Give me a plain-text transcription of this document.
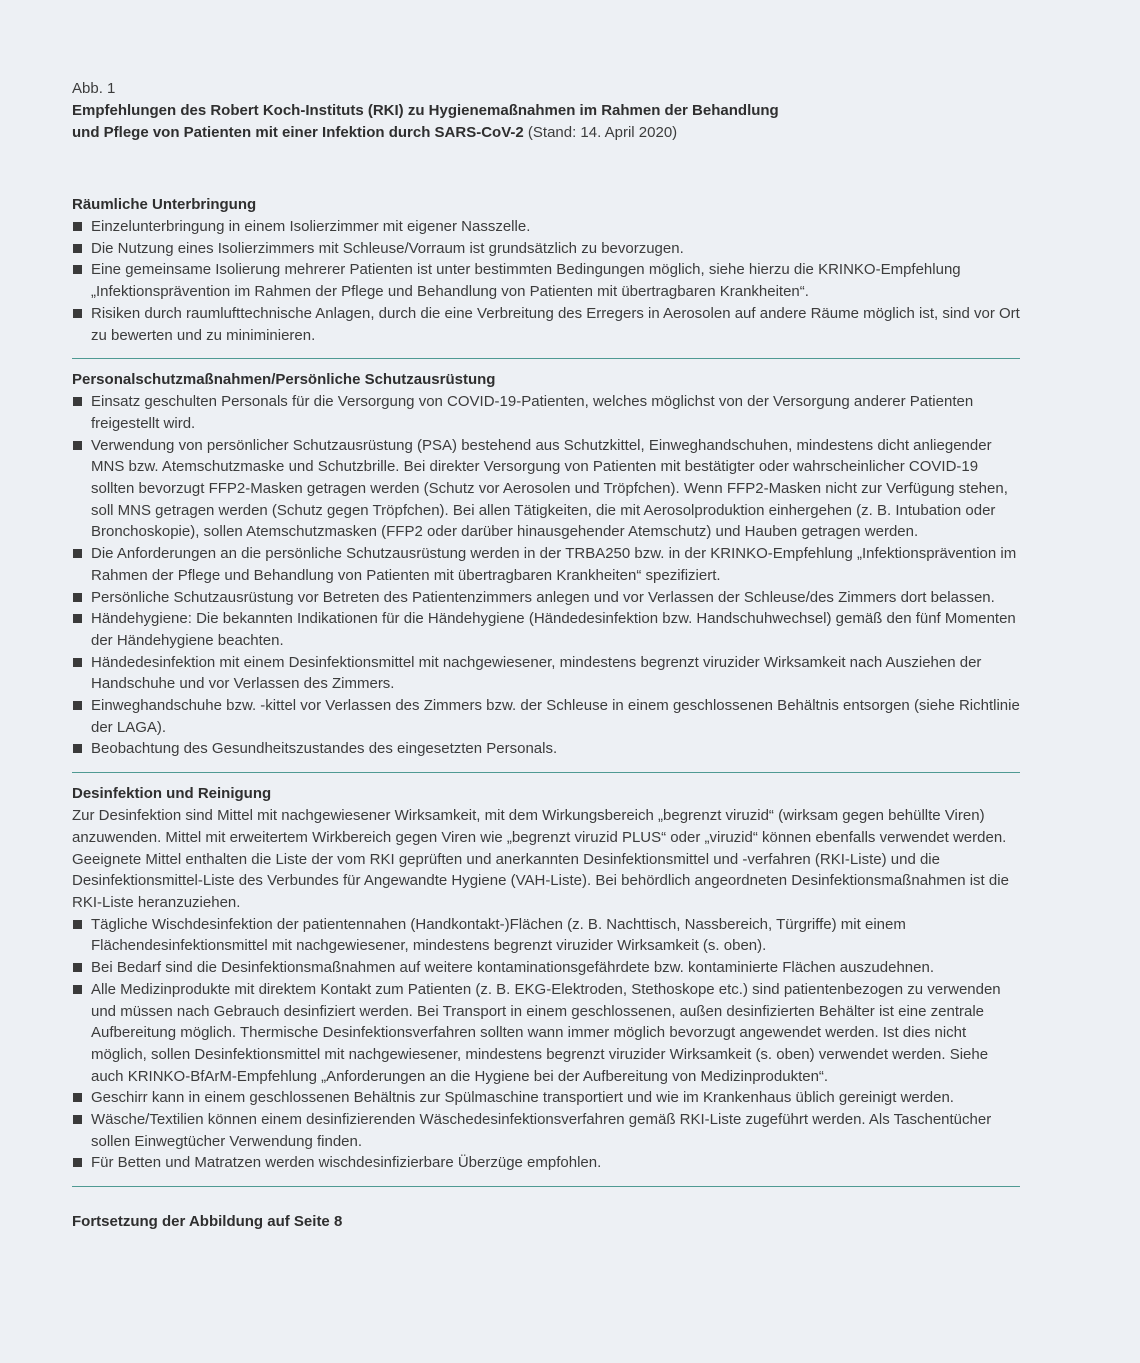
Abb. 1

Empfehlungen des Robert Koch-Instituts (RKI) zu Hygienemaßnahmen im Rahmen der Behandlung
und Pflege von Patienten mit einer Infektion durch SARS-CoV-2 (Stand: 14. April 2020)

Räumliche Unterbringung

Einzelunterbringung in einem Isolierzimmer mit eigener Nasszelle.
Die Nutzung eines Isolierzimmers mit Schleuse/Vorraum ist grundsätzlich zu bevorzugen.
Eine gemeinsame Isolierung mehrerer Patienten ist unter bestimmten Bedingungen möglich, siehe hierzu die KRINKO-Empfehlung „Infektionsprävention im Rahmen der Pflege und Behandlung von Patienten mit übertragbaren Krankheiten“.
Risiken durch raumlufttechnische Anlagen, durch die eine Verbreitung des Erregers in Aerosolen auf andere Räume möglich ist, sind vor Ort zu bewerten und zu miniminieren.

Personalschutzmaßnahmen/Persönliche Schutzausrüstung

Einsatz geschulten Personals für die Versorgung von COVID-19-Patienten, welches möglichst von der Versorgung anderer Patienten freigestellt wird.
Verwendung von persönlicher Schutzausrüstung (PSA) bestehend aus Schutzkittel, Einweghandschuhen, mindestens dicht anliegender MNS bzw. Atemschutzmaske und Schutzbrille. Bei direkter Versorgung von Patienten mit bestätigter oder wahrscheinlicher COVID-19 sollten bevorzugt FFP2-Masken getragen werden (Schutz vor Aerosolen und Tröpfchen). Wenn FFP2-Masken nicht zur Verfügung stehen, soll MNS getragen werden (Schutz gegen Tröpfchen). Bei allen Tätigkeiten, die mit Aerosolproduktion einhergehen (z. B. Intubation oder Bronchoskopie), sollen Atemschutzmasken (FFP2 oder darüber hinausgehender Atemschutz) und Hauben getragen werden.
Die Anforderungen an die persönliche Schutzausrüstung werden in der TRBA250 bzw. in der KRINKO-Empfehlung „Infektionsprävention im Rahmen der Pflege und Behandlung von Patienten mit übertragbaren Krankheiten“ spezifiziert.
Persönliche Schutzausrüstung vor Betreten des Patientenzimmers anlegen und vor Verlassen der Schleuse/des Zimmers dort belassen.
Händehygiene: Die bekannten Indikationen für die Händehygiene (Händedesinfektion bzw. Handschuhwechsel) gemäß den fünf Momenten der Händehygiene beachten.
Händedesinfektion mit einem Desinfektionsmittel mit nachgewiesener, mindestens begrenzt viruzider Wirksamkeit nach Ausziehen der Handschuhe und vor Verlassen des Zimmers.
Einweghandschuhe bzw. -kittel vor Verlassen des Zimmers bzw. der Schleuse in einem geschlossenen Behältnis entsorgen (siehe Richtlinie der LAGA).
Beobachtung des Gesundheitszustandes des eingesetzten Personals.

Desinfektion und Reinigung

Zur Desinfektion sind Mittel mit nachgewiesener Wirksamkeit, mit dem Wirkungsbereich „begrenzt viruzid“ (wirksam gegen behüllte Viren) anzuwenden. Mittel mit erweitertem Wirkbereich gegen Viren wie „begrenzt viruzid PLUS“ oder „viruzid“ können ebenfalls verwendet werden. Geeignete Mittel enthalten die Liste der vom RKI geprüften und anerkannten Desinfektionsmittel und -verfahren (RKI-Liste) und die Desinfektionsmittel-Liste des Verbundes für Angewandte Hygiene (VAH-Liste). Bei behördlich angeordneten Desinfektionsmaßnahmen ist die RKI-Liste heranzuziehen.

Tägliche Wischdesinfektion der patientennahen (Handkontakt-)Flächen (z. B. Nachttisch, Nassbereich, Türgriffe) mit einem Flächendesinfektionsmittel mit nachgewiesener, mindestens begrenzt viruzider Wirksamkeit (s. oben).
Bei Bedarf sind die Desinfektionsmaßnahmen auf weitere kontaminationsgefährdete bzw. kontaminierte Flächen auszudehnen.
Alle Medizinprodukte mit direktem Kontakt zum Patienten (z. B. EKG-Elektroden, Stethoskope etc.) sind patientenbezogen zu verwenden und müssen nach Gebrauch desinfiziert werden. Bei Transport in einem geschlossenen, außen desinfizierten Behälter ist eine zentrale Aufbereitung möglich. Thermische Desinfektionsverfahren sollten wann immer möglich bevorzugt angewendet werden. Ist dies nicht möglich, sollen Desinfektionsmittel mit nachgewiesener, mindestens begrenzt viruzider Wirksamkeit (s. oben) verwendet werden. Siehe auch KRINKO-BfArM-Empfehlung „Anforderungen an die Hygiene bei der Aufbereitung von Medizinprodukten“.
Geschirr kann in einem geschlossenen Behältnis zur Spülmaschine transportiert und wie im Krankenhaus üblich gereinigt werden.
Wäsche/Textilien können einem desinfizierenden Wäschedesinfektionsverfahren gemäß RKI-Liste zugeführt werden. Als Taschentücher sollen Einwegtücher Verwendung finden.
Für Betten und Matratzen werden wischdesinfizierbare Überzüge empfohlen.

Fortsetzung der Abbildung auf Seite 8
